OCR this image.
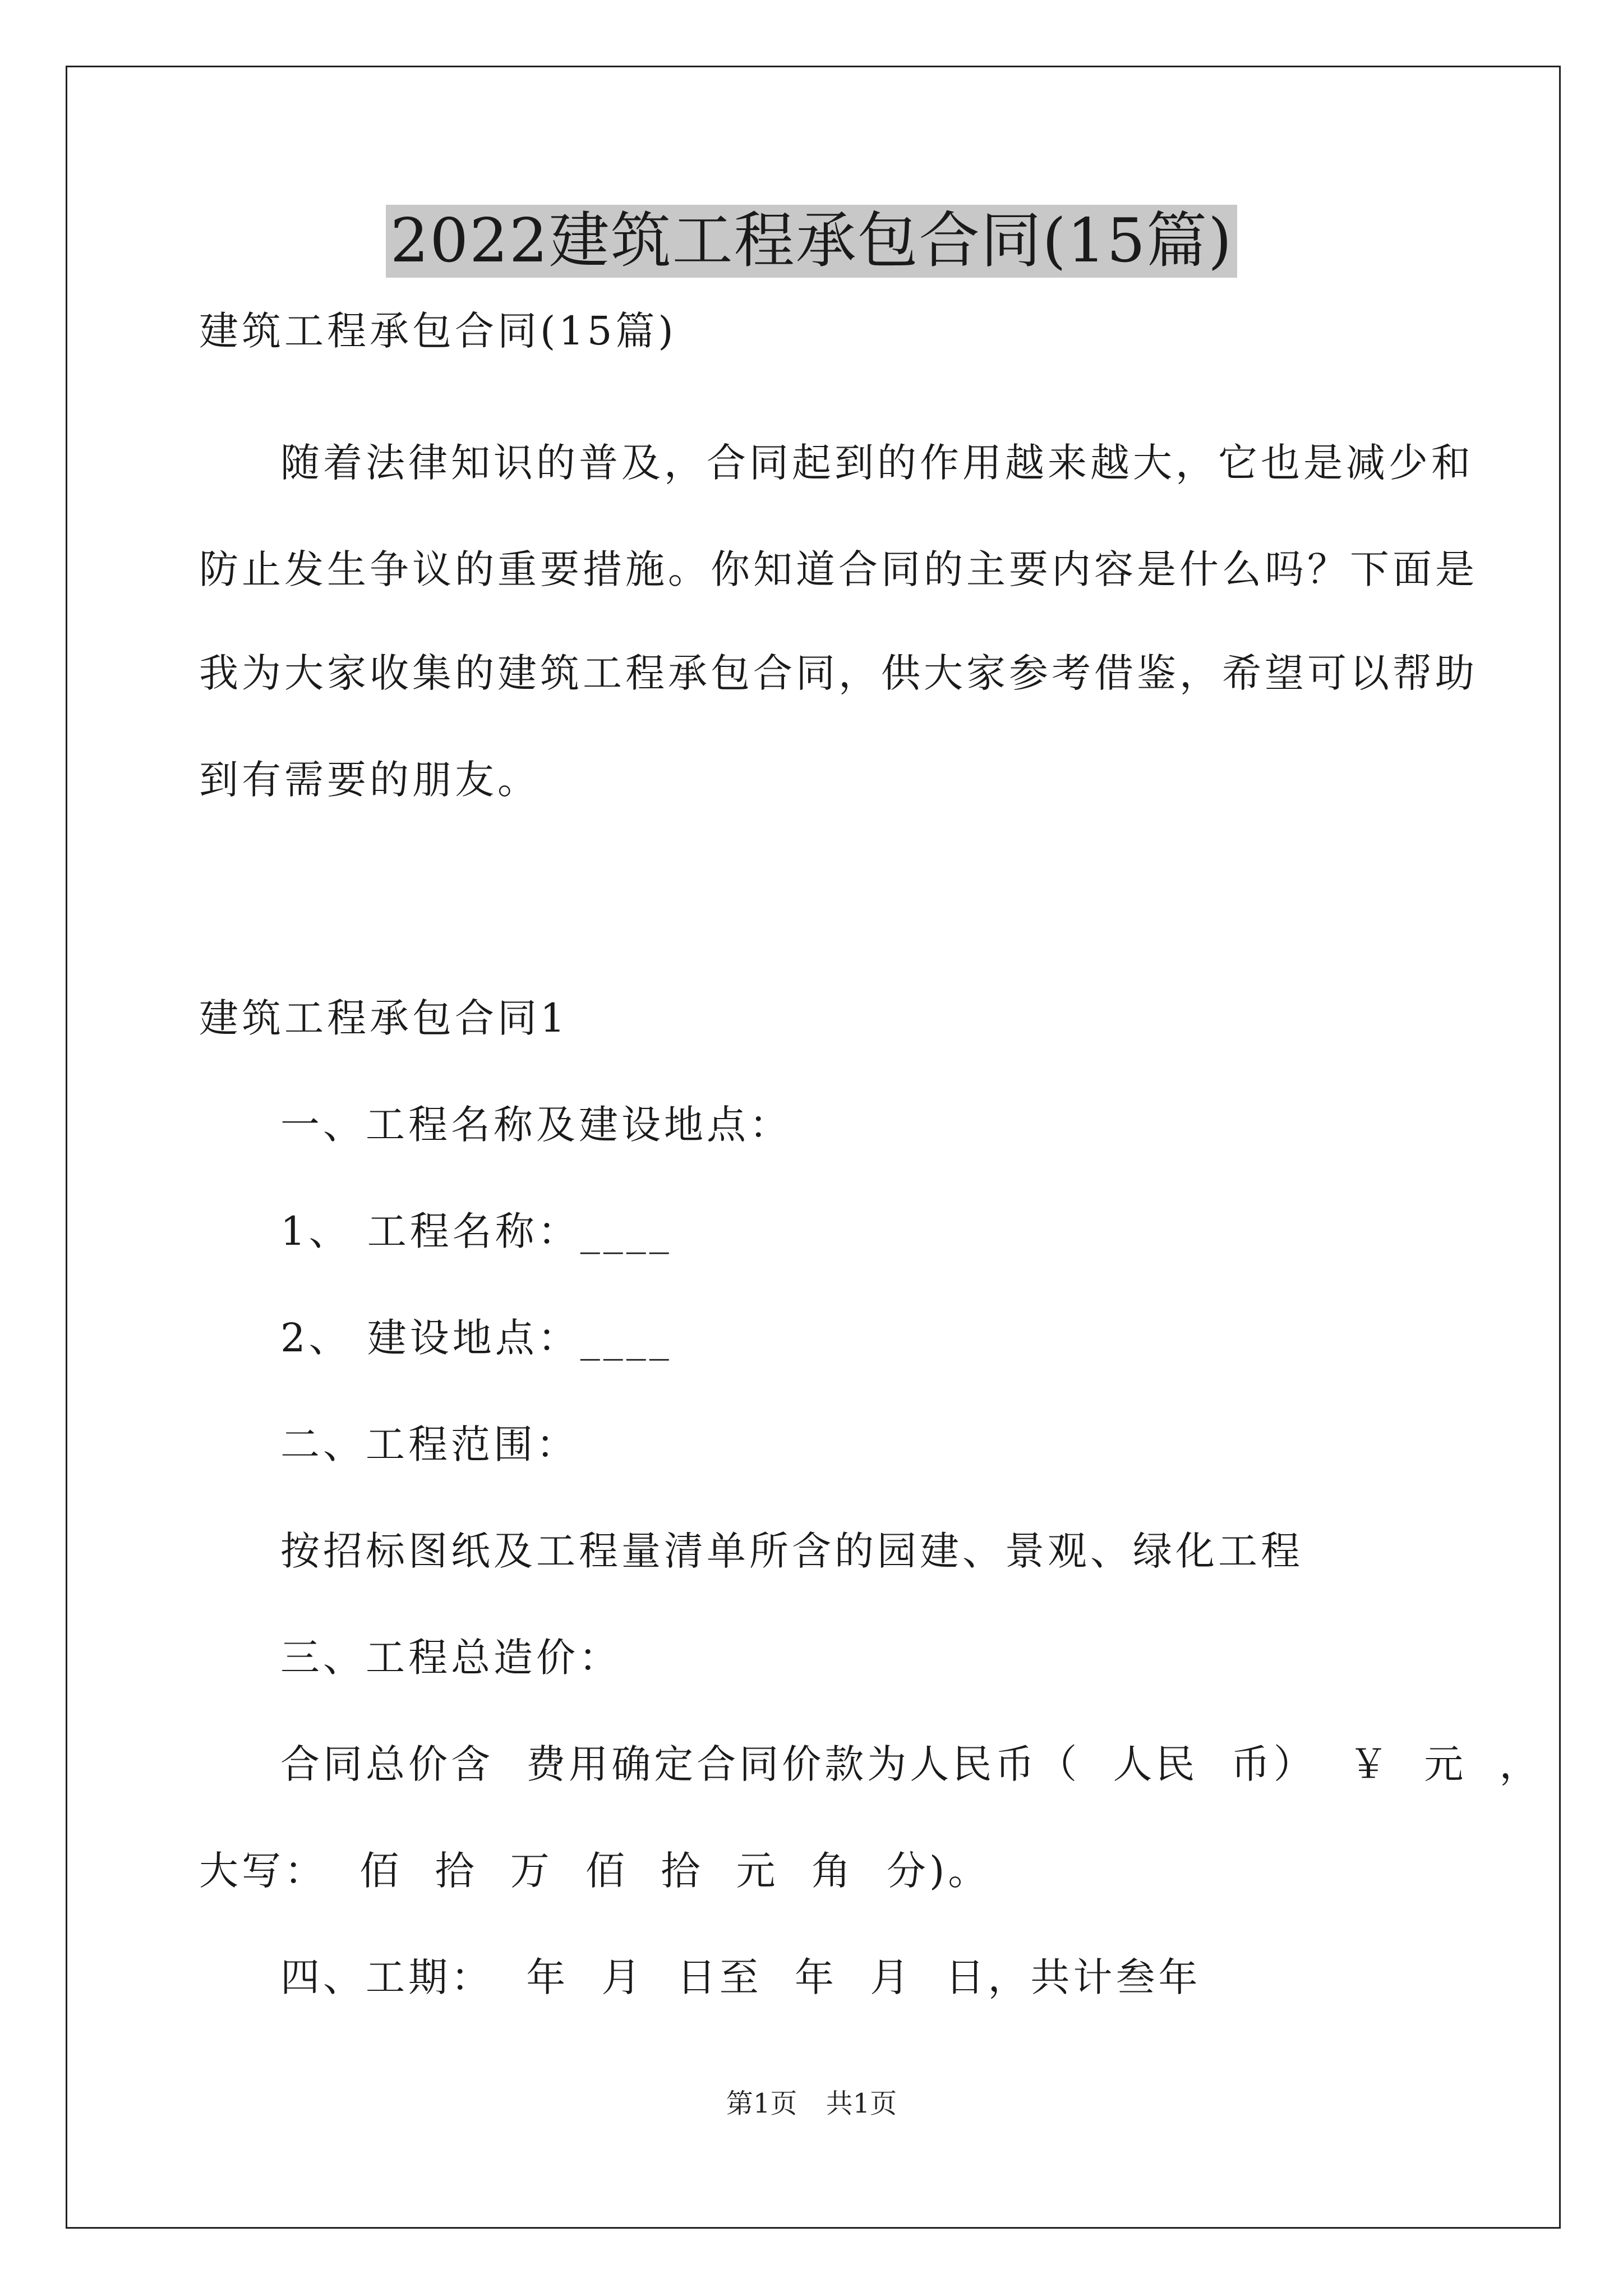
2022建筑工程承包合同(15篇)
建筑工程承包合同(15篇)
随着法律知识的普及，合同起到的作用越来越大，它也是减少和
防止发生争议的重要措施。你知道合同的主要内容是什么吗？下面是
我为大家收集的建筑工程承包合同，供大家参考借鉴，希望可以帮助
到有需要的朋友。
建筑工程承包合同1
一、工程名称及建设地点：
1、 工程名称：____
2、 建设地点：____
二、工程范围：
按招标图纸及工程量清单所含的园建、景观、绿化工程
三、工程总造价：
合同总价含 费用确定合同价款为人民币（ 人民 币） ￥ 元 ，
大写： 佰 拾 万 佰 拾 元 角 分)。
四、工期： 年 月 日至 年 月 日，共计叁年
第1页 共1页
